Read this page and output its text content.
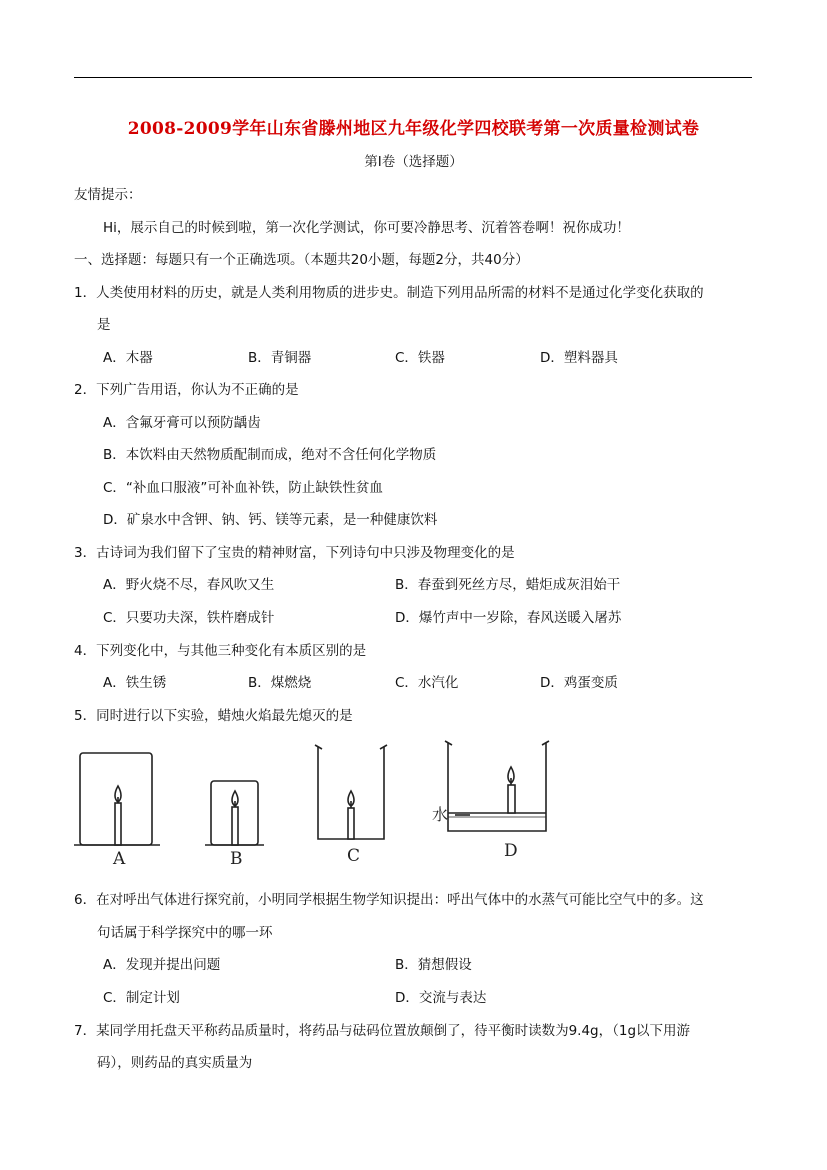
2008-2009学年山东省滕州地区九年级化学四校联考第一次质量检测试卷
第Ⅰ卷（选择题）
友情提示：
Hi，展示自己的时候到啦，第一次化学测试，你可要冷静思考、沉着答卷啊！祝你成功！
一、选择题：每题只有一个正确选项。（本题共20小题，每题2分，共40分）
1．人类使用材料的历史，就是人类利用物质的进步史。制造下列用品所需的材料不是通过化学变化获取的
是
A．木器	B．青铜器	C．铁器	D．塑料器具
2．下列广告用语，你认为不正确的是
A．含氟牙膏可以预防龋齿
B．本饮料由天然物质配制而成，绝对不含任何化学物质
C．“补血口服液”可补血补铁，防止缺铁性贫血
D．矿泉水中含钾、钠、钙、镁等元素，是一种健康饮料
3．古诗词为我们留下了宝贵的精神财富，下列诗句中只涉及物理变化的是
A．野火烧不尽，春风吹又生	B．春蚕到死丝方尽，蜡炬成灰泪始干
C．只要功夫深，铁杵磨成针	D．爆竹声中一岁除，春风送暖入屠苏
4．下列变化中，与其他三种变化有本质区别的是
A．铁生锈	B．煤燃烧	C．水汽化	D．鸡蛋变质
5．同时进行以下实验，蜡烛火焰最先熄灭的是
A	B	C	D
水
6．在对呼出气体进行探究前，小明同学根据生物学知识提出：呼出气体中的水蒸气可能比空气中的多。这
句话属于科学探究中的哪一环
A．发现并提出问题	B．猜想假设
C．制定计划	D．交流与表达
7．某同学用托盘天平称药品质量时，将药品与砝码位置放颠倒了，待平衡时读数为9.4g，（1g以下用游
码），则药品的真实质量为
